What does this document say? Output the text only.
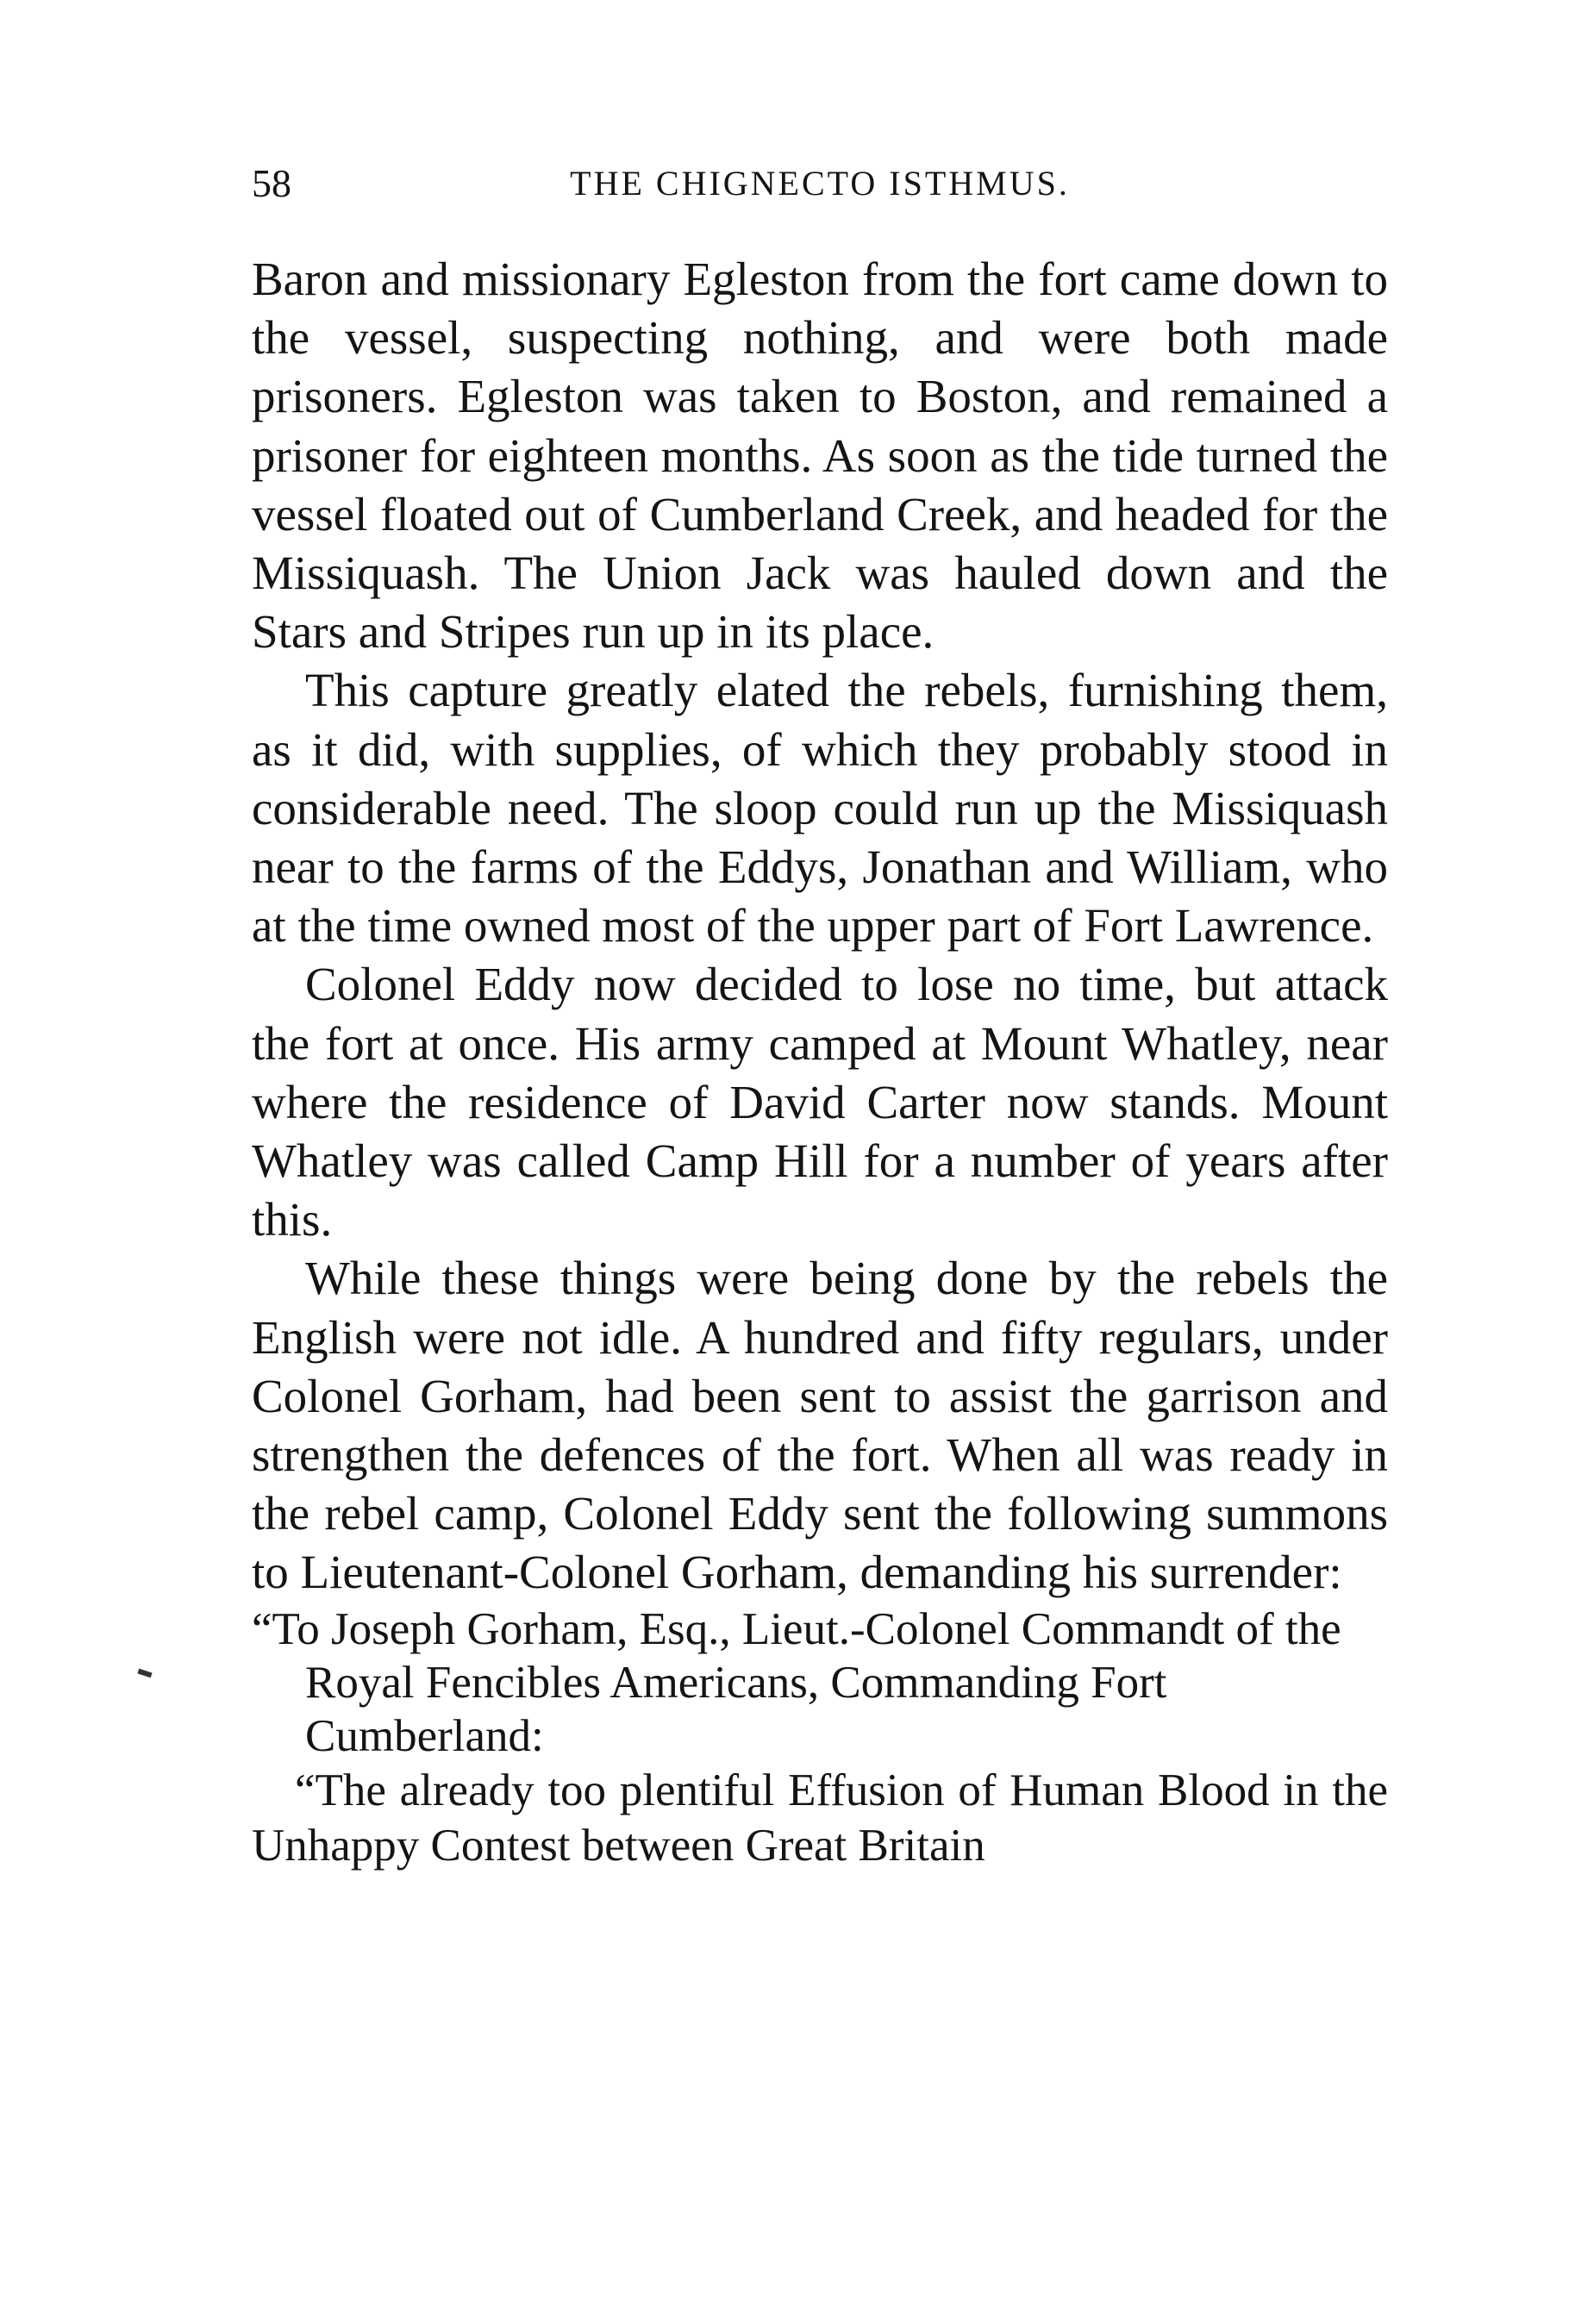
58	THE CHIGNECTO ISTHMUS.

Baron and missionary Egleston from the fort came down to the vessel, suspecting nothing, and were both made prisoners. Egleston was taken to Boston, and remained a prisoner for eighteen months. As soon as the tide turned the vessel floated out of Cumberland Creek, and headed for the Missiquash. The Union Jack was hauled down and the Stars and Stripes run up in its place.

This capture greatly elated the rebels, furnishing them, as it did, with supplies, of which they probably stood in considerable need. The sloop could run up the Missiquash near to the farms of the Eddys, Jonathan and William, who at the time owned most of the upper part of Fort Lawrence.

Colonel Eddy now decided to lose no time, but attack the fort at once. His army camped at Mount Whatley, near where the residence of David Carter now stands. Mount Whatley was called Camp Hill for a number of years after this.

While these things were being done by the rebels the English were not idle. A hundred and fifty regulars, under Colonel Gorham, had been sent to assist the garrison and strengthen the defences of the fort. When all was ready in the rebel camp, Colonel Eddy sent the following summons to Lieutenant-Colonel Gorham, demanding his surrender:

“To Joseph Gorham, Esq., Lieut.-Colonel Commandt of the Royal Fencibles Americans, Commanding Fort Cumberland:

“The already too plentiful Effusion of Human Blood in the Unhappy Contest between Great Britain
